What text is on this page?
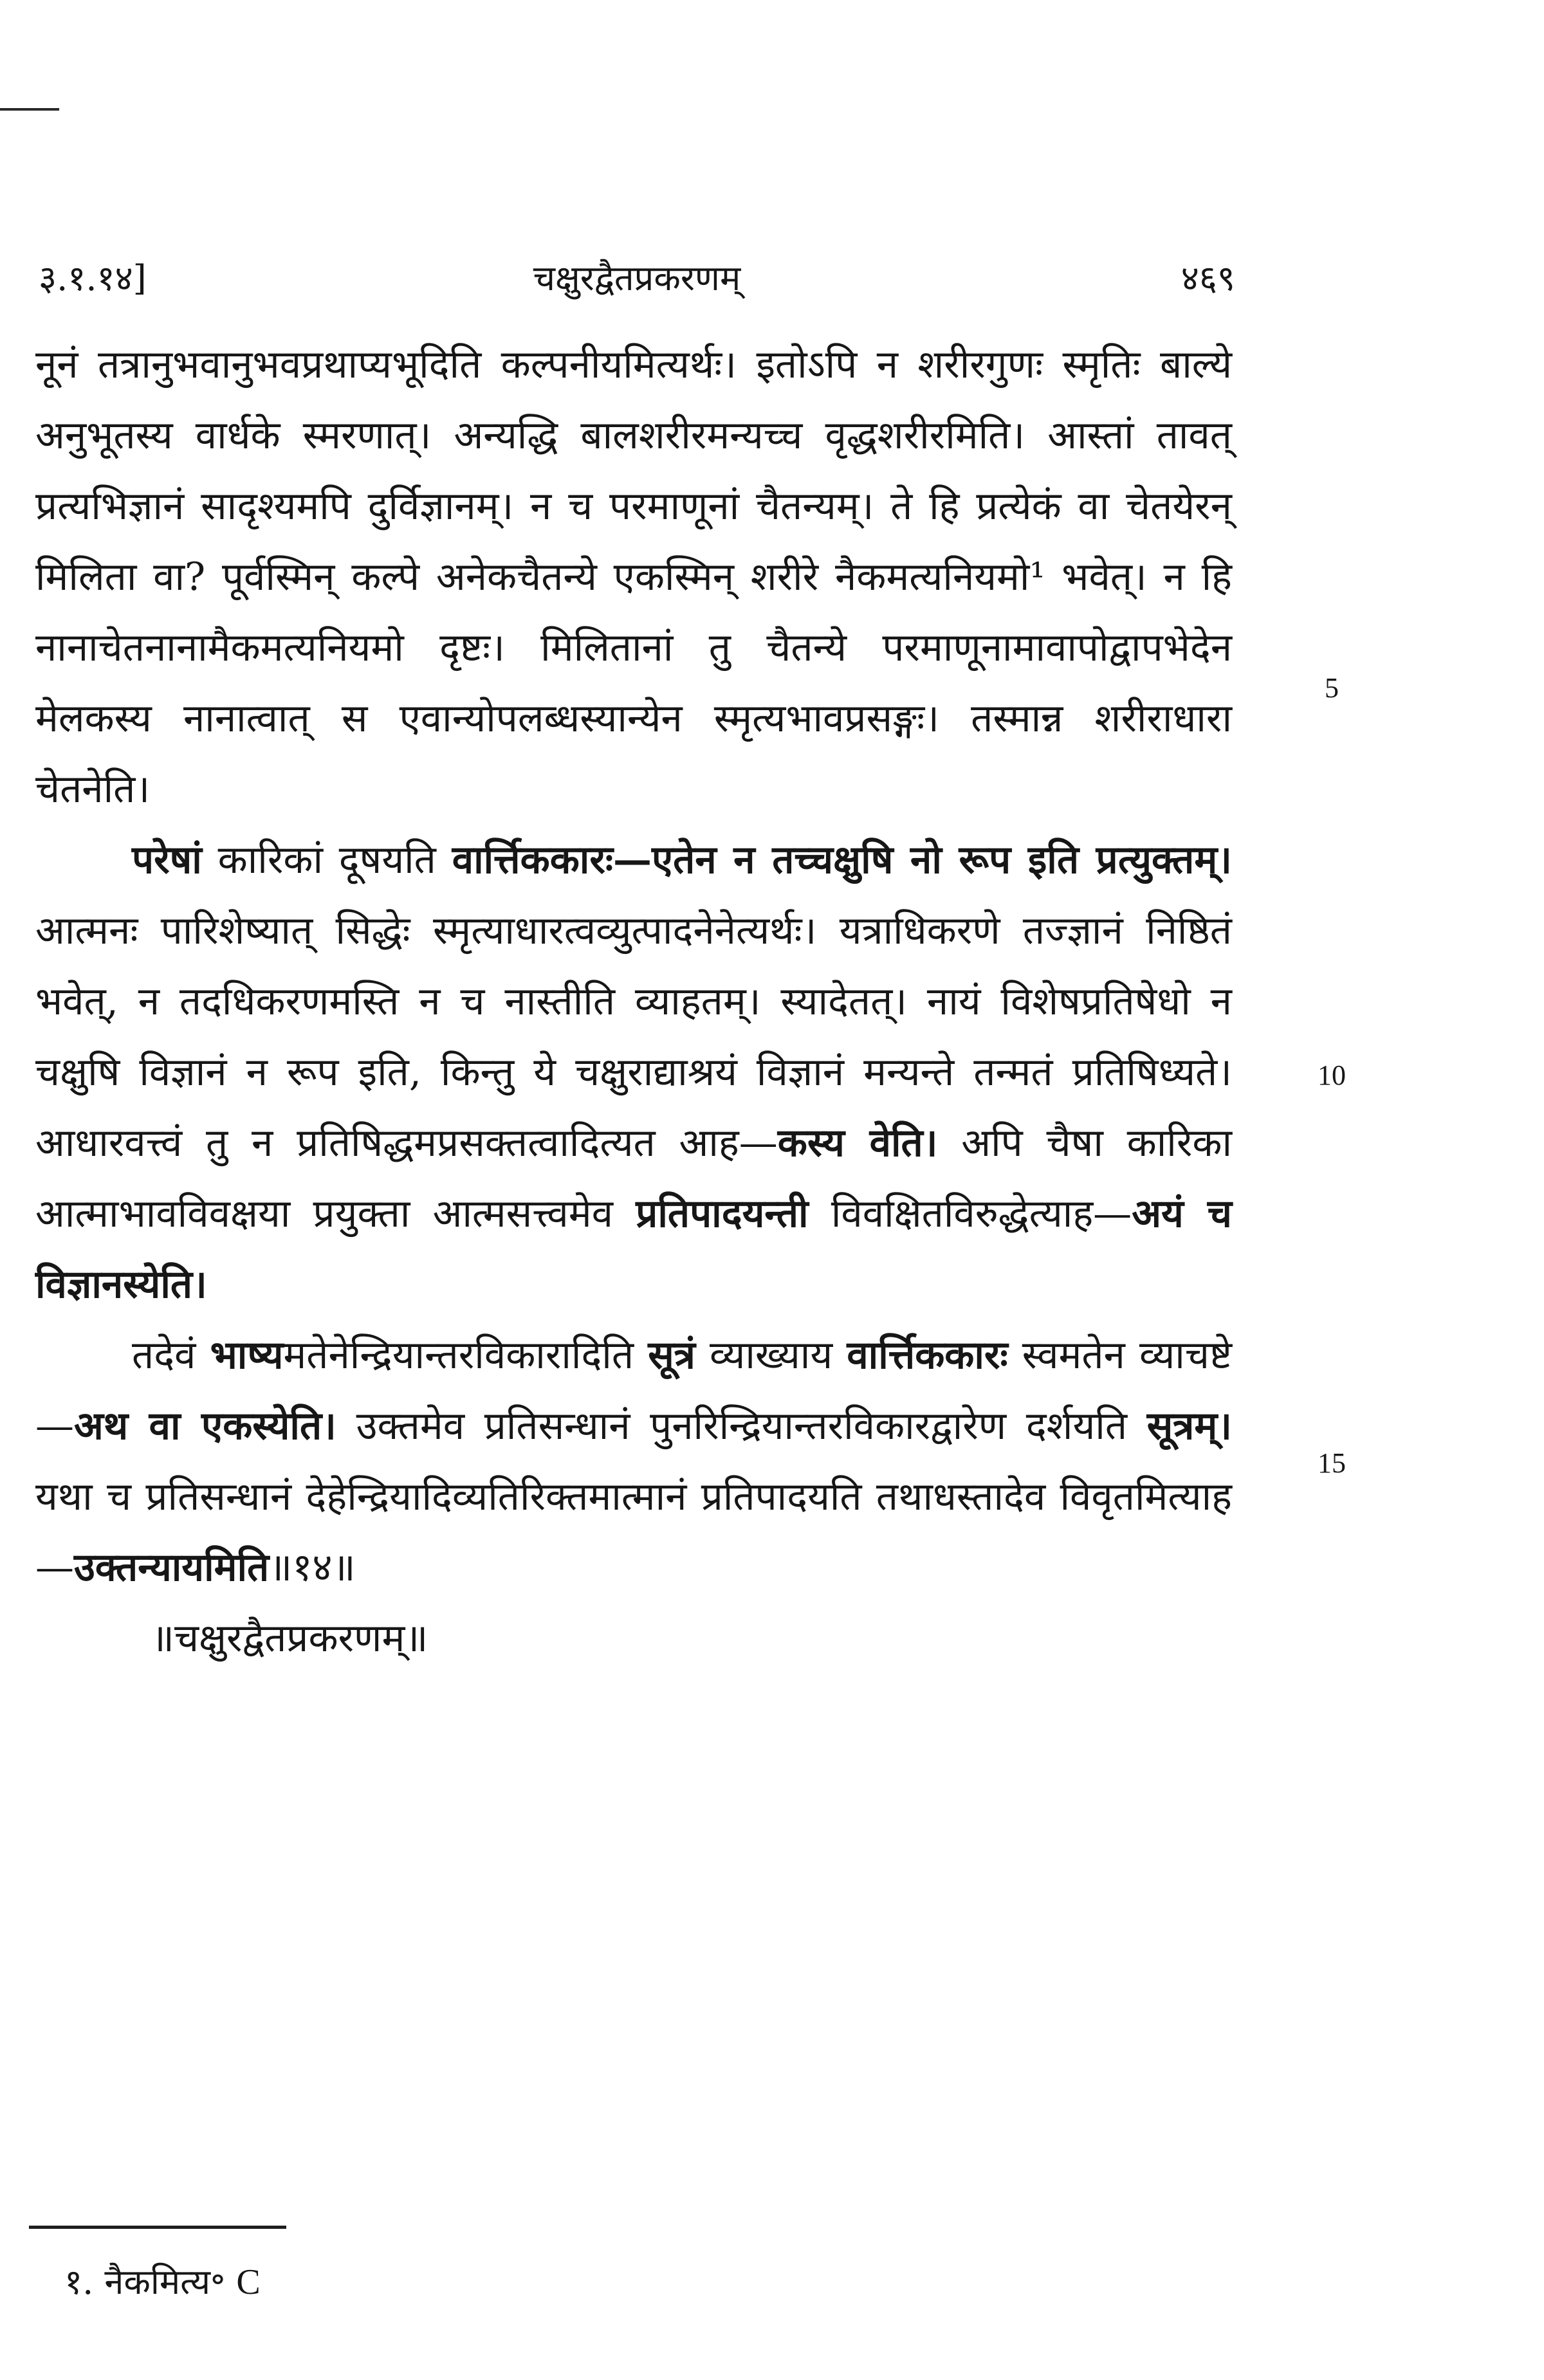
३.१.१४]	चक्षुरद्वैतप्रकरणम्	४६९

नूनं तत्रानुभवानुभवप्रथाप्यभूदिति कल्पनीयमित्यर्थः। इतोऽपि न शरीरगुणः स्मृतिः बाल्ये अनुभूतस्य वार्धके स्मरणात्। अन्यद्धि बालशरीरमन्यच्च वृद्धशरीरमिति। आस्तां तावत् प्रत्यभिज्ञानं सादृश्यमपि दुर्विज्ञानम्। न च परमाणूनां चैतन्यम्। ते हि प्रत्येकं वा चेतयेरन् मिलिता वा? पूर्वस्मिन् कल्पे अनेकचैतन्ये एकस्मिन् शरीरे नैकमत्यनियमो¹ भवेत्। न हि नानाचेतनानामैकमत्यनियमो दृष्टः। मिलितानां तु चैतन्ये परमाणूनामावापोद्वापभेदेन मेलकस्य नानात्वात् स एवान्योपलब्धस्यान्येन स्मृत्यभावप्रसङ्गः। तस्मान्न शरीराधारा चेतनेति।

परेषां कारिकां दूषयति वार्त्तिककारः—एतेन न तच्चक्षुषि नो रूप इति प्रत्युक्तम्। आत्मनः पारिशेष्यात् सिद्धेः स्मृत्याधारत्वव्युत्पादनेनेत्यर्थः। यत्राधिकरणे तज्ज्ञानं निष्ठितं भवेत्, न तदधिकरणमस्ति न च नास्तीति व्याहतम्। स्यादेतत्। नायं विशेषप्रतिषेधो न चक्षुषि विज्ञानं न रूप इति, किन्तु ये चक्षुराद्याश्रयं विज्ञानं मन्यन्ते तन्मतं प्रतिषिध्यते। आधारवत्त्वं तु न प्रतिषिद्धमप्रसक्तत्वादित्यत आह—कस्य वेति। अपि चैषा कारिका आत्माभावविवक्षया प्रयुक्ता आत्मसत्त्वमेव प्रतिपादयन्ती विवक्षितविरुद्धेत्याह—अयं च विज्ञानस्येति।

तदेवं भाष्यमतेनेन्द्रियान्तरविकारादिति सूत्रं व्याख्याय वार्त्तिककारः स्वमतेन व्याचष्टे—अथ वा एकस्येति। उक्तमेव प्रतिसन्धानं पुनरिन्द्रियान्तरविकारद्वारेण दर्शयति सूत्रम्। यथा च प्रतिसन्धानं देहेन्द्रियादिव्यतिरिक्तमात्मानं प्रतिपादयति तथाधस्तादेव विवृतमित्याह—उक्तन्यायमिति॥१४॥

॥चक्षुरद्वैतप्रकरणम्॥

5
10
15
१. नैकमित्य॰ C
